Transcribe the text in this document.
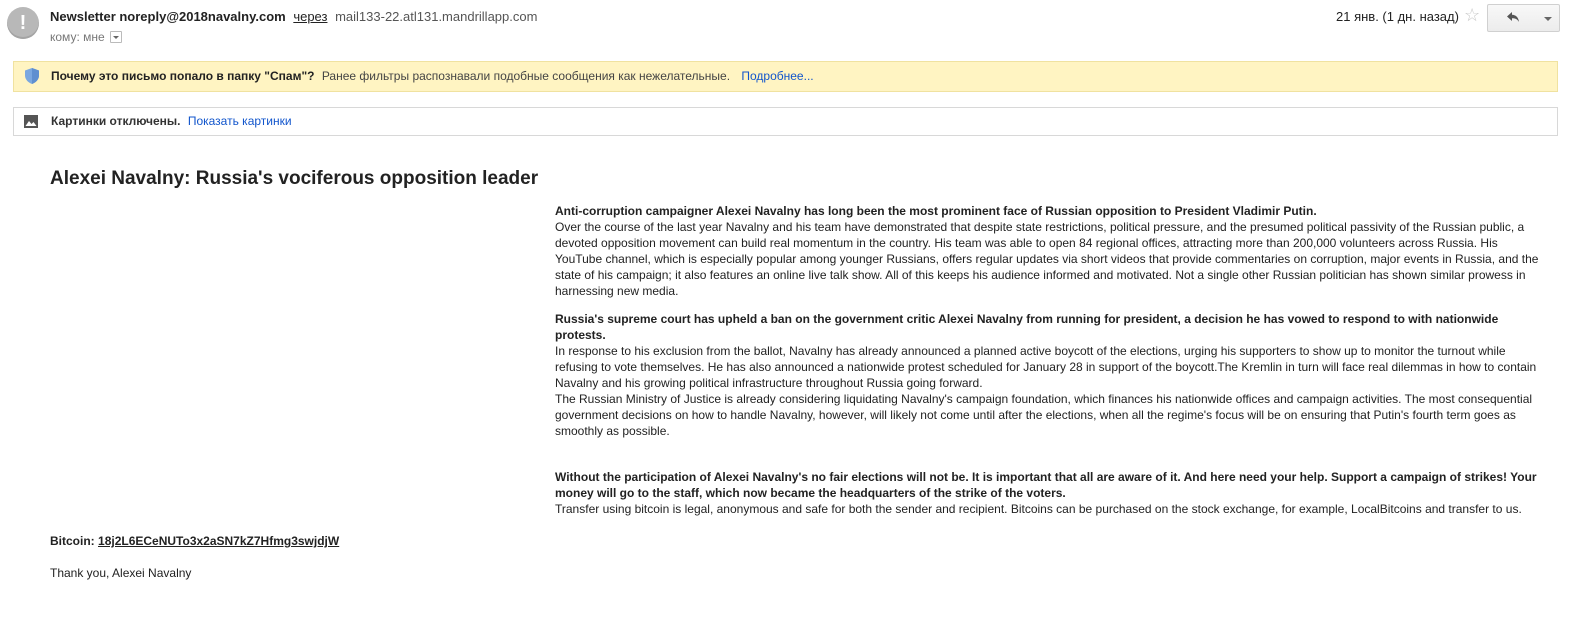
!	Newsletter noreply@2018navalny.com через mail133-22.atl131.mandrillapp.com
кому: мне
21 янв. (1 дн. назад) ☆
Почему это письмо попало в папку "Спам"? Ранее фильтры распознавали подобные сообщения как нежелательные. Подробнее...
Картинки отключены. Показать картинки
Alexei Navalny: Russia's vociferous opposition leader
Anti-corruption campaigner Alexei Navalny has long been the most prominent face of Russian opposition to President Vladimir Putin.
Over the course of the last year Navalny and his team have demonstrated that despite state restrictions, political pressure, and the presumed political passivity of the Russian public, a devoted opposition movement can build real momentum in the country. His team was able to open 84 regional offices, attracting more than 200,000 volunteers across Russia. His YouTube channel, which is especially popular among younger Russians, offers regular updates via short videos that provide commentaries on corruption, major events in Russia, and the state of his campaign; it also features an online live talk show. All of this keeps his audience informed and motivated. Not a single other Russian politician has shown similar prowess in harnessing new media.
Russia's supreme court has upheld a ban on the government critic Alexei Navalny from running for president, a decision he has vowed to respond to with nationwide protests.
In response to his exclusion from the ballot, Navalny has already announced a planned active boycott of the elections, urging his supporters to show up to monitor the turnout while refusing to vote themselves. He has also announced a nationwide protest scheduled for January 28 in support of the boycott.The Kremlin in turn will face real dilemmas in how to contain Navalny and his growing political infrastructure throughout Russia going forward.
The Russian Ministry of Justice is already considering liquidating Navalny's campaign foundation, which finances his nationwide offices and campaign activities. The most consequential government decisions on how to handle Navalny, however, will likely not come until after the elections, when all the regime's focus will be on ensuring that Putin's fourth term goes as smoothly as possible.
Without the participation of Alexei Navalny's no fair elections will not be. It is important that all are aware of it. And here need your help. Support a campaign of strikes! Your money will go to the staff, which now became the headquarters of the strike of the voters.
Transfer using bitcoin is legal, anonymous and safe for both the sender and recipient. Bitcoins can be purchased on the stock exchange, for example, LocalBitcoins and transfer to us.
Bitcoin: 18j2L6ECeNUTo3x2aSN7kZ7Hfmg3swjdjW
Thank you, Alexei Navalny
